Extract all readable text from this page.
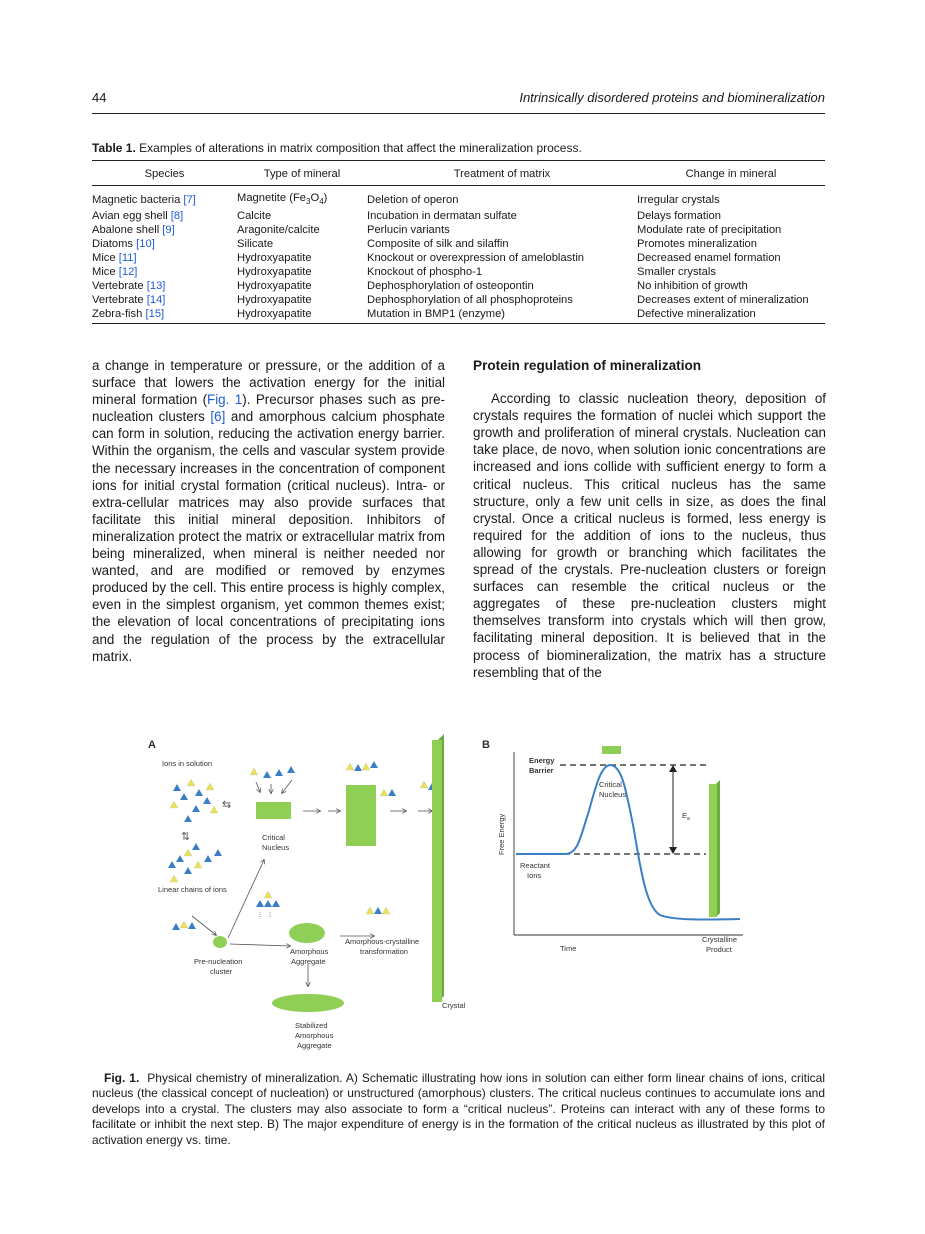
44	Intrinsically disordered proteins and biomineralization
Table 1. Examples of alterations in matrix composition that affect the mineralization process.
Species	Type of mineral	Treatment of matrix	Change in mineral
Magnetic bacteria [7]	Magnetite $(Fe_3O_4)$	Deletion of operon	Irregular crystals
Avian egg shell [8]	Calcite	Incubation in dermatan sulfate	Delays formation
Abalone shell [9]	Aragonite/calcite	Perlucin variants	Modulate rate of precipitation
Diatoms [10]	Silicate	Composite of silk and silaffin	Promotes mineralization
Mice [11]	Hydroxyapatite	Knockout or overexpression of ameloblastin	Decreased enamel formation
Mice [12]	Hydroxyapatite	Knockout of phospho-1	Smaller crystals
Vertebrate [13]	Hydroxyapatite	Dephosphorylation of osteopontin	No inhibition of growth
Vertebrate [14]	Hydroxyapatite	Dephosphorylation of all phosphoproteins	Decreases extent of mineralization
Zebra-fish [15]	Hydroxyapatite	Mutation in BMP1 (enzyme)	Defective mineralization
a change in temperature or pressure, or the addition of a surface that lowers the activation energy for the initial mineral formation (Fig. 1). Precursor phases such as pre-nucleation clusters [6] and amorphous calcium phosphate can form in solution, reducing the activation energy barrier. Within the organism, the cells and vascular system provide the necessary increases in the concentration of component ions for initial crystal formation (critical nucleus). Intra- or extra-cellular matrices may also provide surfaces that facilitate this initial mineral deposition. Inhibitors of mineralization protect the matrix or extracellular matrix from being mineralized, when mineral is neither needed nor wanted, and are modified or removed by enzymes produced by the cell. This entire process is highly complex, even in the simplest organism, yet common themes exist; the elevation of local concentrations of precipitating ions and the regulation of the process by the extracellular matrix.
Protein regulation of mineralization
According to classic nucleation theory, deposition of crystals requires the formation of nuclei which support the growth and proliferation of mineral crystals. Nucleation can take place, de novo, when solution ionic concentrations are increased and ions collide with sufficient energy to form a critical nucleus. This critical nucleus has the same structure, only a few unit cells in size, as does the final crystal. Once a critical nucleus is formed, less energy is required for the addition of ions to the nucleus, thus allowing for growth or branching which facilitates the spread of the crystals. Pre-nucleation clusters or foreign surfaces can resemble the critical nucleus or the aggregates of these pre-nucleation clusters might themselves transform into crystals which will then grow, facilitating mineral deposition. It is believed that in the process of biomineralization, the matrix has a structure resembling that of the
A
Ions in solution
⇆
⇅
Linear chains of ions
Critical
Nucleus
Crystal
Pre-nucleation
cluster
Amorphous
Aggregate
Amorphous-crystalline
transformation
Stabilized
Amorphous
Aggregate
B
Free Energy
Time
Energy
Barrier
$E_a$
Critical
Nucleus
Reactant
Ions
Crystalline
Product
Fig. 1. Physical chemistry of mineralization. A) Schematic illustrating how ions in solution can either form linear chains of ions, critical nucleus (the classical concept of nucleation) or unstructured (amorphous) clusters. The critical nucleus continues to accumulate ions and develops into a crystal. The clusters may also associate to form a “critical nucleus”. Proteins can interact with any of these forms to facilitate or inhibit the next step. B) The major expenditure of energy is in the formation of the critical nucleus as illustrated by this plot of activation energy vs. time.
